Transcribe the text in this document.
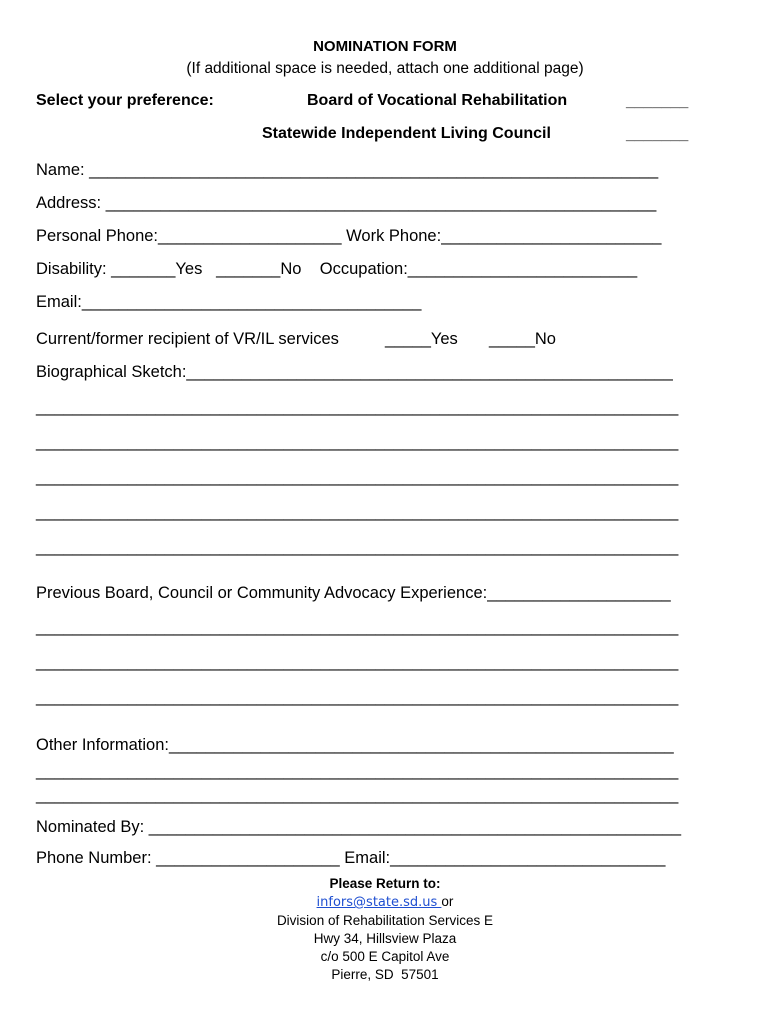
NOMINATION FORM
(If additional space is needed, attach one additional page)
Select your preference:	Board of Vocational Rehabilitation	_______
Statewide Independent Living Council	_______
Name: ______________________________________________________________
Address: ____________________________________________________________
Personal Phone:____________________ Work Phone:________________________
Disability: _______Yes   _______No    Occupation:_________________________
Email:_____________________________________
Current/former recipient of VR/IL services	_____Yes _____No
Biographical Sketch:_____________________________________________________
______________________________________________________________________
______________________________________________________________________
______________________________________________________________________
______________________________________________________________________
______________________________________________________________________
Previous Board, Council or Community Advocacy Experience:____________________
______________________________________________________________________
______________________________________________________________________
______________________________________________________________________
Other Information:_______________________________________________________
______________________________________________________________________
______________________________________________________________________
Nominated By: __________________________________________________________
Phone Number: ____________________ Email:______________________________
Please Return to:
infors@state.sd.us or
Division of Rehabilitation Services E
Hwy 34, Hillsview Plaza
c/o 500 E Capitol Ave
Pierre, SD  57501
